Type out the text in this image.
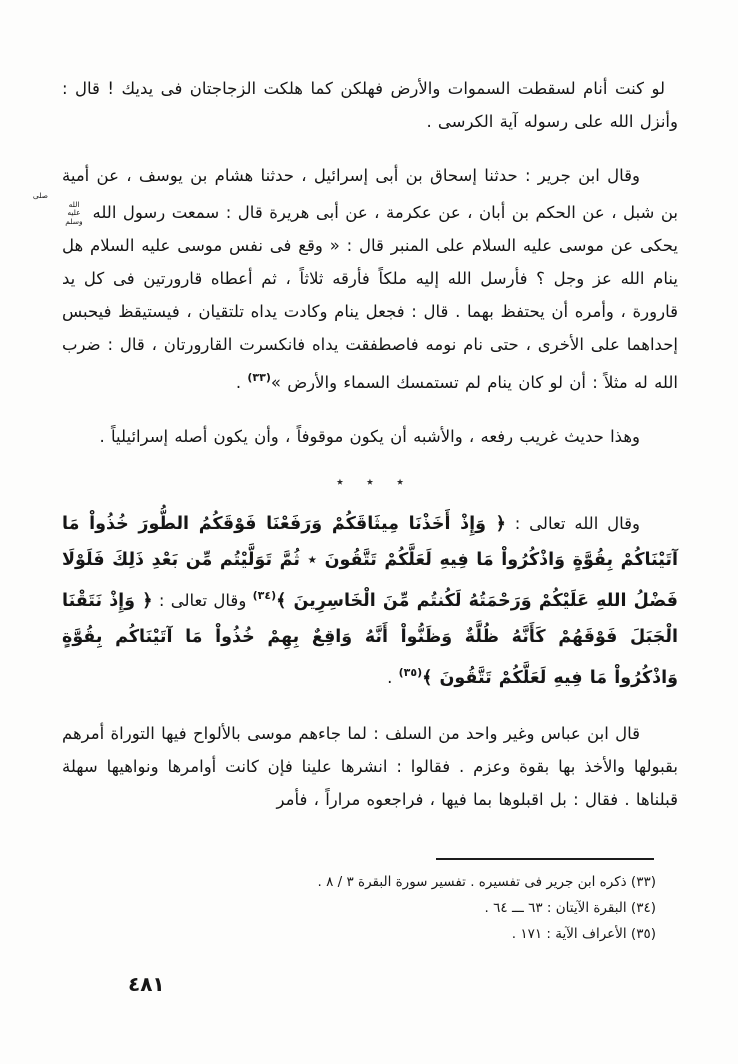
لو كنت أنام لسقطت السموات والأرض فهلكن كما هلكت الزجاجتان فى يديك ! قال : وأنزل الله على رسوله آية الكرسى .

وقال ابن جرير : حدثنا إسحاق بن أبى إسرائيل ، حدثنا هشام بن يوسف ، عن أمية بن شبل ، عن الحكم بن أبان ، عن عكرمة ، عن أبى هريرة قال : سمعت رسول الله صلى الله عليه وسلم يحكى عن موسى عليه السلام على المنبر قال : « وقع فى نفس موسى عليه السلام هل ينام الله عز وجل ؟ فأرسل الله إليه ملكاً فأرقه ثلاثاً ، ثم أعطاه قارورتين فى كل يد قارورة ، وأمره أن يحتفظ بهما . قال : فجعل ينام وكادت يداه تلتقيان ، فيستيقظ فيحبس إحداهما على الأخرى ، حتى نام نومه فاصطفقت يداه فانكسرت القارورتان ، قال : ضرب الله له مثلاً : أن لو كان ينام لم تستمسك السماء والأرض »$^{(٣٣)}$ .

وهذا حديث غريب رفعه ، والأشبه أن يكون موقوفاً ، وأن يكون أصله إسرائيلياً .

٭ ٭ ٭

وقال الله تعالى : ﴿ وَإِذْ أَخَذْنَا مِيثَاقَكُمْ وَرَفَعْنَا فَوْقَكُمُ الطُّورَ خُذُواْ مَا آتَيْنَاكُمْ بِقُوَّةٍ وَاذْكُرُواْ مَا فِيهِ لَعَلَّكُمْ تَتَّقُونَ ٭ ثُمَّ تَوَلَّيْتُم مِّن بَعْدِ ذَلِكَ فَلَوْلَا فَضْلُ اللهِ عَلَيْكُمْ وَرَحْمَتُهُ لَكُنتُم مِّنَ الْخَاسِرِينَ ﴾$^{(٣٤)}$ وقال تعالى : ﴿ وَإِذْ نَتَقْنَا الْجَبَلَ فَوْقَهُمْ كَأَنَّهُ ظُلَّةٌ وَظَنُّواْ أَنَّهُ وَاقِعٌ بِهِمْ خُذُواْ مَا آتَيْنَاكُم بِقُوَّةٍ وَاذْكُرُواْ مَا فِيهِ لَعَلَّكُمْ تَتَّقُونَ ﴾$^{(٣٥)}$ .

قال ابن عباس وغير واحد من السلف : لما جاءهم موسى بالألواح فيها التوراة أمرهم بقبولها والأخذ بها بقوة وعزم . فقالوا : انشرها علينا فإن كانت أوامرها ونواهيها سهلة قبلناها . فقال : بل اقبلوها بما فيها ، فراجعوه مراراً ، فأمر

(٣٣) ذكره ابن جرير فى تفسيره . تفسير سورة البقرة ٣ / ٨ .

(٣٤) البقرة الآيتان : ٦٣ ـــ ٦٤ .

(٣٥) الأعراف الآية : ١٧١ .

٤٨١
